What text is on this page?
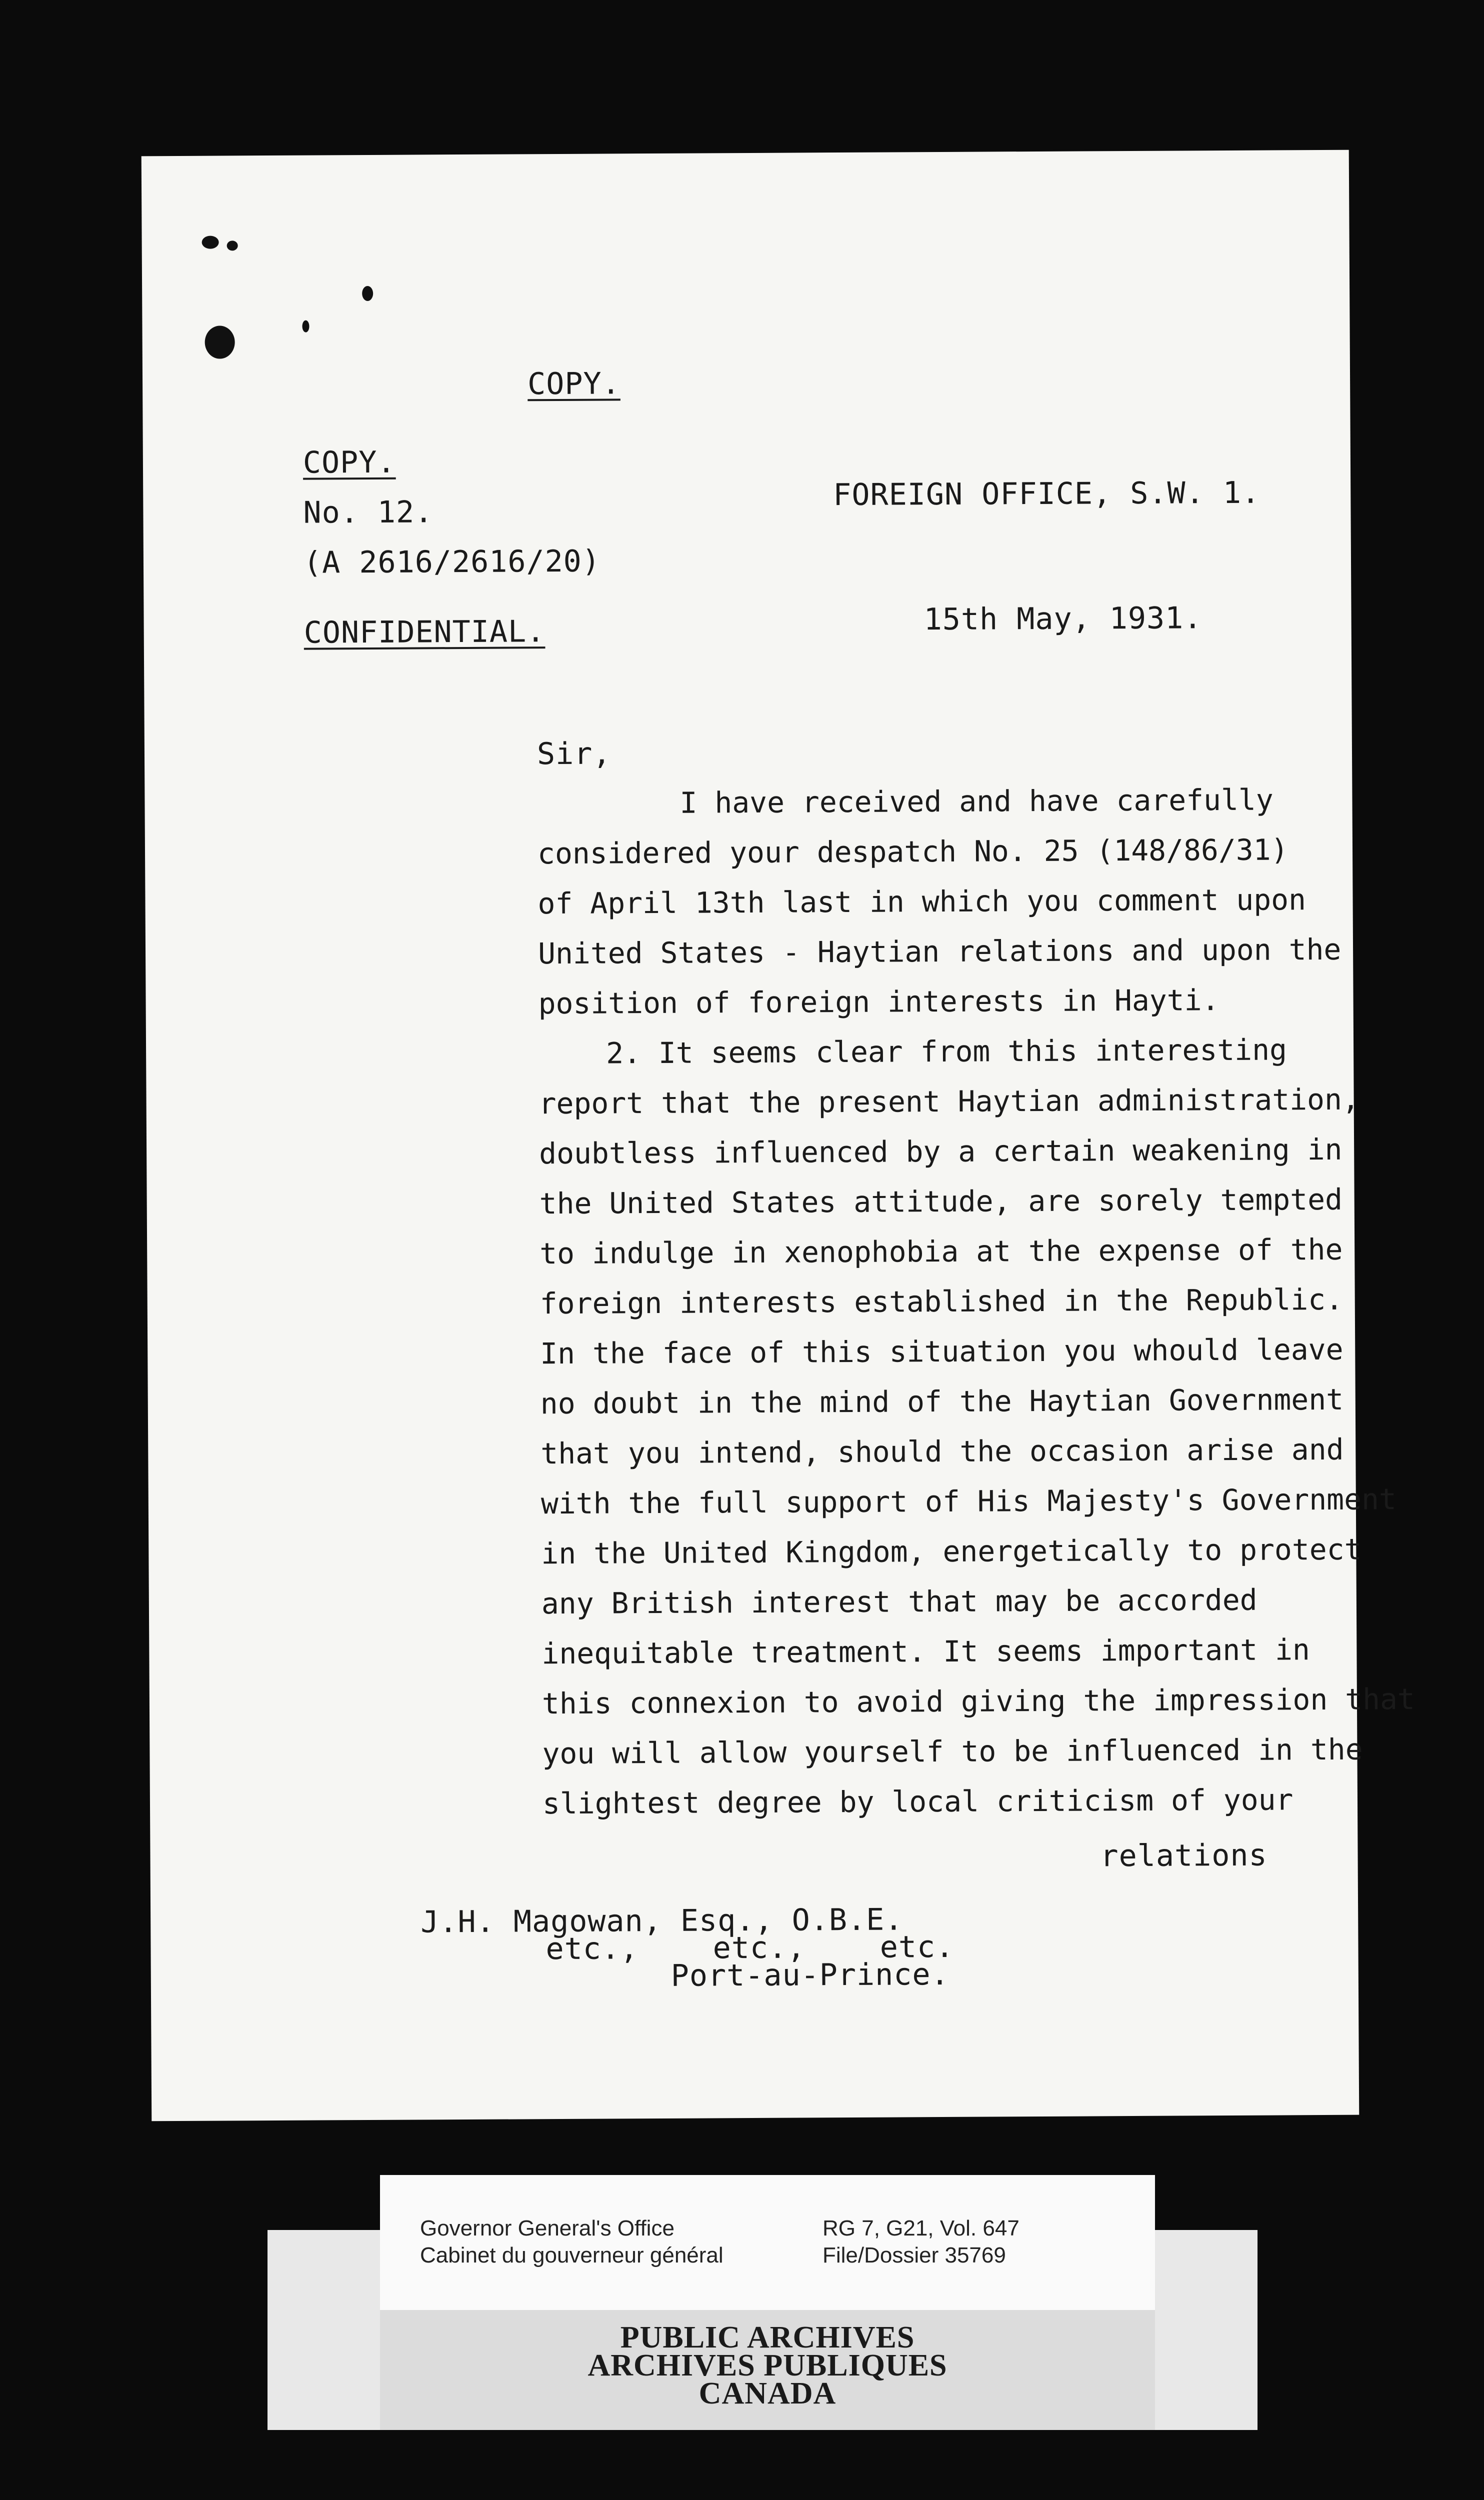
COPY.
COPY.
No. 12.
(A 2616/2616/20)
CONFIDENTIAL.
FOREIGN OFFICE, S.W. 1.
15th May, 1931.
Sir,
I have received and have carefully
considered your despatch No. 25 (148/86/31)
of April 13th last in which you comment upon
United States - Haytian relations and upon the
position of foreign interests in Hayti.
2. It seems clear from this interesting
report that the present Haytian administration,
doubtless influenced by a certain weakening in
the United States attitude, are sorely tempted
to indulge in xenophobia at the expense of the
foreign interests established in the Republic.
In the face of this situation you whould leave
no doubt in the mind of the Haytian Government
that you intend, should the occasion arise and
with the full support of His Majesty's Government
in the United Kingdom, energetically to protect
any British interest that may be accorded
inequitable treatment. It seems important in
this connexion to avoid giving the impression that
you will allow yourself to be influenced in the
slightest degree by local criticism of your
relations
J.H. Magowan, Esq., O.B.E.
etc.,    etc.,    etc.
Port-au-Prince.
Governor General's Office
Cabinet du gouverneur général
RG 7, G21, Vol. 647
File/Dossier 35769
PUBLIC ARCHIVES
ARCHIVES PUBLIQUES
CANADA
